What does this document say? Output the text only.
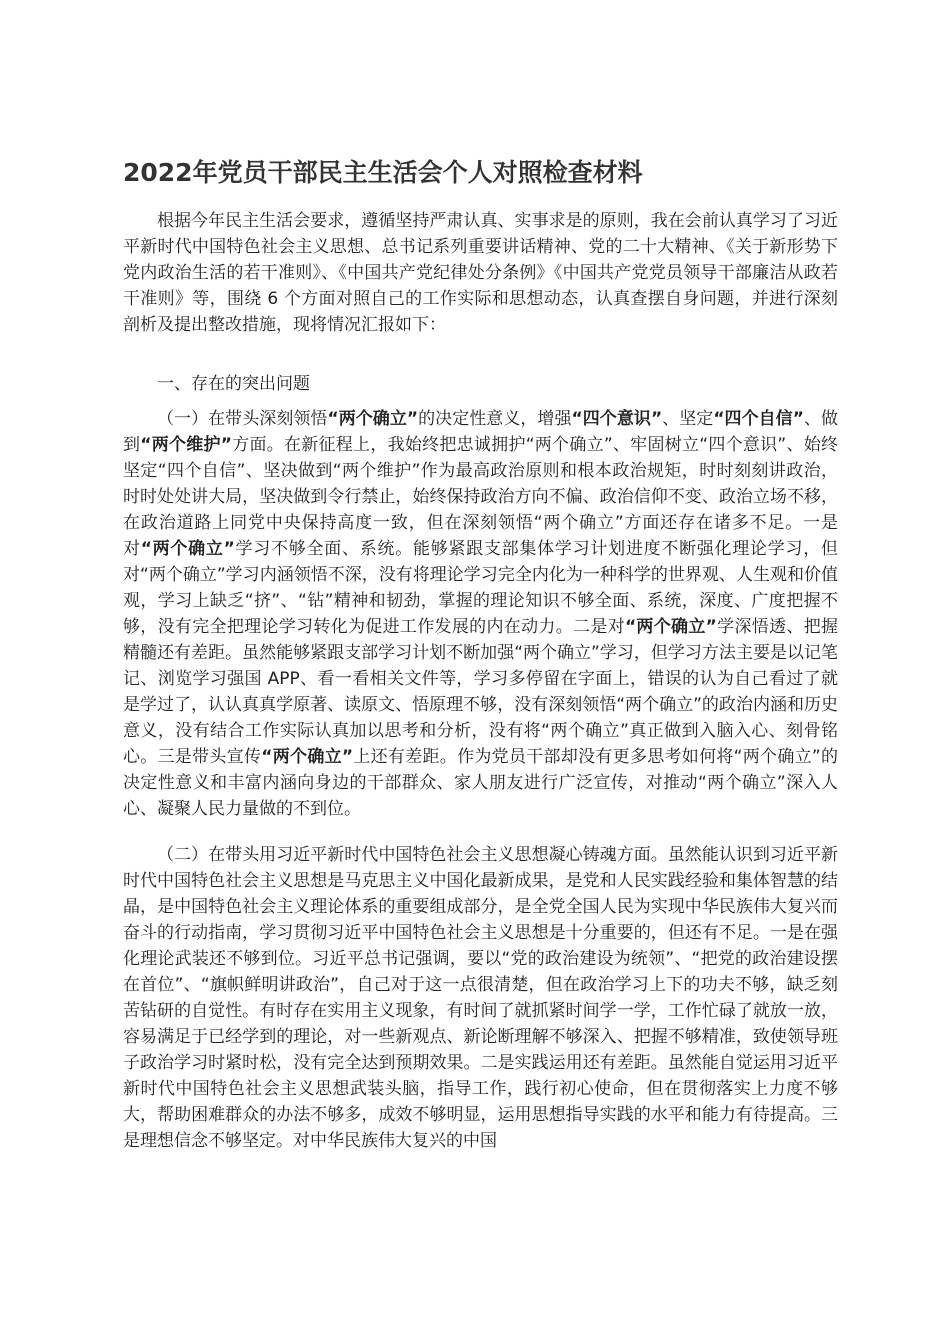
2022年党员干部民主生活会个人对照检查材料

根据今年民主生活会要求，遵循坚持严肃认真、实事求是的原则，我在会前认真学习了习近平新时代中国特色社会主义思想、总书记系列重要讲话精神、党的二十大精神、《关于新形势下党内政治生活的若干准则》、《中国共产党纪律处分条例》《中国共产党党员领导干部廉洁从政若干准则》等，围绕 6 个方面对照自己的工作实际和思想动态，认真查摆自身问题，并进行深刻剖析及提出整改措施，现将情况汇报如下：

一、存在的突出问题

（一）在带头深刻领悟“两个确立”的决定性意义，增强“四个意识”、坚定“四个自信”、做到“两个维护”方面。在新征程上，我始终把忠诚拥护“两个确立”、牢固树立“四个意识”、始终坚定“四个自信”、坚决做到“两个维护”作为最高政治原则和根本政治规矩，时时刻刻讲政治，时时处处讲大局，坚决做到令行禁止，始终保持政治方向不偏、政治信仰不变、政治立场不移，在政治道路上同党中央保持高度一致，但在深刻领悟“两个确立”方面还存在诸多不足。一是对“两个确立”学习不够全面、系统。能够紧跟支部集体学习计划进度不断强化理论学习，但对“两个确立”学习内涵领悟不深，没有将理论学习完全内化为一种科学的世界观、人生观和价值观，学习上缺乏“挤”、“钻”精神和韧劲，掌握的理论知识不够全面、系统，深度、广度把握不够，没有完全把理论学习转化为促进工作发展的内在动力。二是对“两个确立”学深悟透、把握精髓还有差距。虽然能够紧跟支部学习计划不断加强“两个确立”学习，但学习方法主要是以记笔记、浏览学习强国 APP、看一看相关文件等，学习多停留在字面上，错误的认为自己看过了就是学过了，认认真真学原著、读原文、悟原理不够，没有深刻领悟“两个确立”的政治内涵和历史意义，没有结合工作实际认真加以思考和分析，没有将“两个确立”真正做到入脑入心、刻骨铭心。三是带头宣传“两个确立”上还有差距。作为党员干部却没有更多思考如何将“两个确立”的决定性意义和丰富内涵向身边的干部群众、家人朋友进行广泛宣传，对推动“两个确立”深入人心、凝聚人民力量做的不到位。

（二）在带头用习近平新时代中国特色社会主义思想凝心铸魂方面。虽然能认识到习近平新时代中国特色社会主义思想是马克思主义中国化最新成果，是党和人民实践经验和集体智慧的结晶，是中国特色社会主义理论体系的重要组成部分，是全党全国人民为实现中华民族伟大复兴而奋斗的行动指南，学习贯彻习近平中国特色社会主义思想是十分重要的，但还有不足。一是在强化理论武装还不够到位。习近平总书记强调，要以“党的政治建设为统领”、“把党的政治建设摆在首位”、“旗帜鲜明讲政治”，自己对于这一点很清楚，但在政治学习上下的功夫不够，缺乏刻苦钻研的自觉性。有时存在实用主义现象，有时间了就抓紧时间学一学，工作忙碌了就放一放，容易满足于已经学到的理论，对一些新观点、新论断理解不够深入、把握不够精准，致使领导班子政治学习时紧时松，没有完全达到预期效果。二是实践运用还有差距。虽然能自觉运用习近平新时代中国特色社会主义思想武装头脑，指导工作，践行初心使命，但在贯彻落实上力度不够大，帮助困难群众的办法不够多，成效不够明显，运用思想指导实践的水平和能力有待提高。三是理想信念不够坚定。对中华民族伟大复兴的中国
